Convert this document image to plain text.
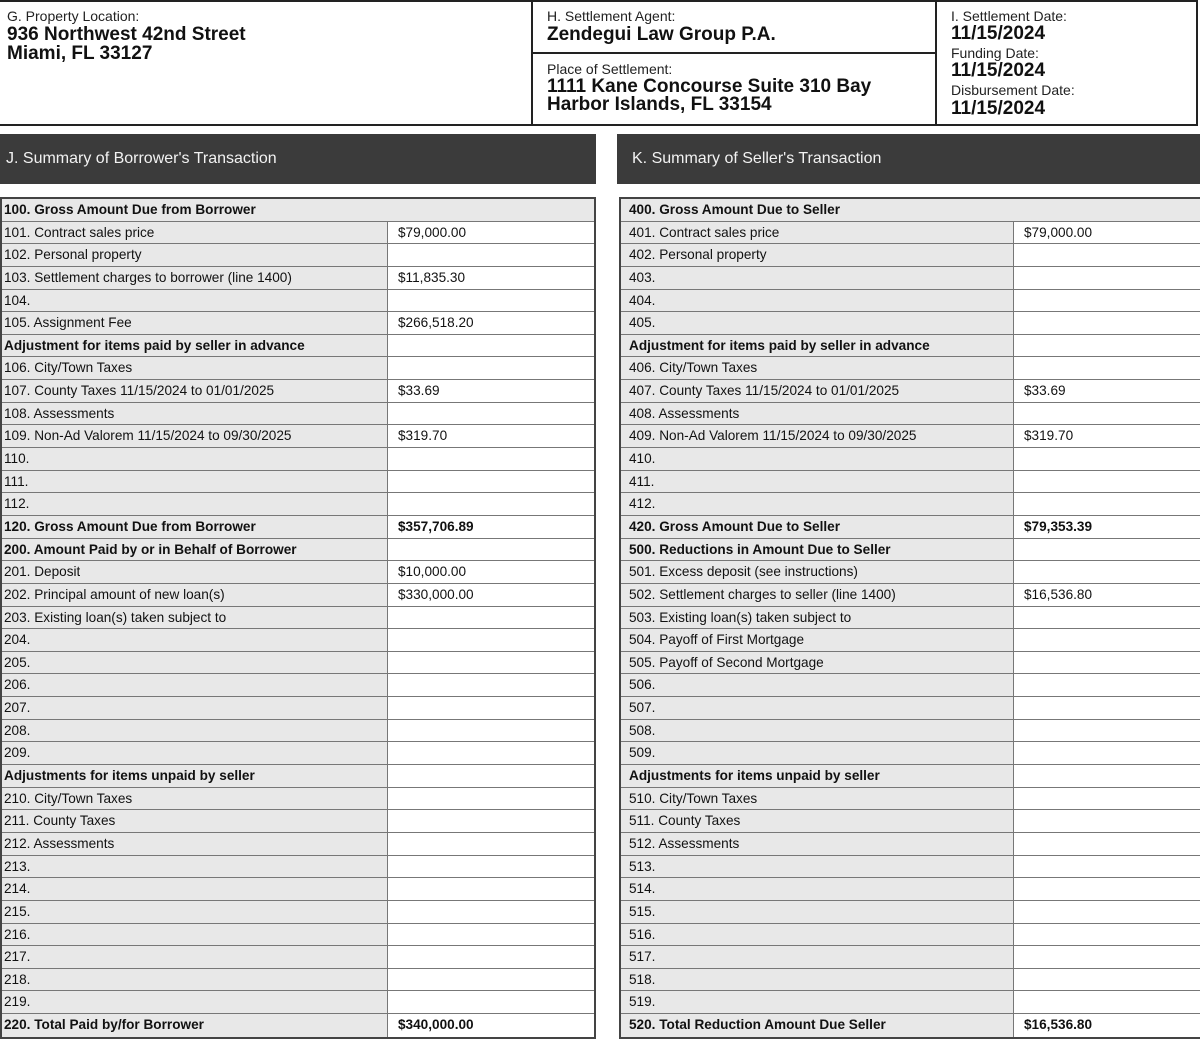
G. Property Location:
936 Northwest 42nd Street
Miami, FL 33127
H. Settlement Agent:
Zendegui Law Group P.A.
Place of Settlement:
1111 Kane Concourse Suite 310 Bay Harbor Islands, FL 33154
I. Settlement Date:
11/15/2024
Funding Date:
11/15/2024
Disbursement Date:
11/15/2024
J. Summary of Borrower's Transaction	K. Summary of Seller's Transaction
100. Gross Amount Due from Borrower
101. Contract sales price	$79,000.00
102. Personal property
103. Settlement charges to borrower (line 1400)	$11,835.30
104.
105. Assignment Fee	$266,518.20
Adjustment for items paid by seller in advance
106. City/Town Taxes
107. County Taxes 11/15/2024 to 01/01/2025	$33.69
108. Assessments
109. Non-Ad Valorem 11/15/2024 to 09/30/2025	$319.70
110.
111.
112.
120. Gross Amount Due from Borrower	$357,706.89
200. Amount Paid by or in Behalf of Borrower
201. Deposit	$10,000.00
202. Principal amount of new loan(s)	$330,000.00
203. Existing loan(s) taken subject to
204.
205.
206.
207.
208.
209.
Adjustments for items unpaid by seller
210. City/Town Taxes
211. County Taxes
212. Assessments
213.
214.
215.
216.
217.
218.
219.
220. Total Paid by/for Borrower	$340,000.00
400. Gross Amount Due to Seller
401. Contract sales price	$79,000.00
402. Personal property
403.
404.
405.
Adjustment for items paid by seller in advance
406. City/Town Taxes
407. County Taxes 11/15/2024 to 01/01/2025	$33.69
408. Assessments
409. Non-Ad Valorem 11/15/2024 to 09/30/2025	$319.70
410.
411.
412.
420. Gross Amount Due to Seller	$79,353.39
500. Reductions in Amount Due to Seller
501. Excess deposit (see instructions)
502. Settlement charges to seller (line 1400)	$16,536.80
503. Existing loan(s) taken subject to
504. Payoff of First Mortgage
505. Payoff of Second Mortgage
506.
507.
508.
509.
Adjustments for items unpaid by seller
510. City/Town Taxes
511. County Taxes
512. Assessments
513.
514.
515.
516.
517.
518.
519.
520. Total Reduction Amount Due Seller	$16,536.80
